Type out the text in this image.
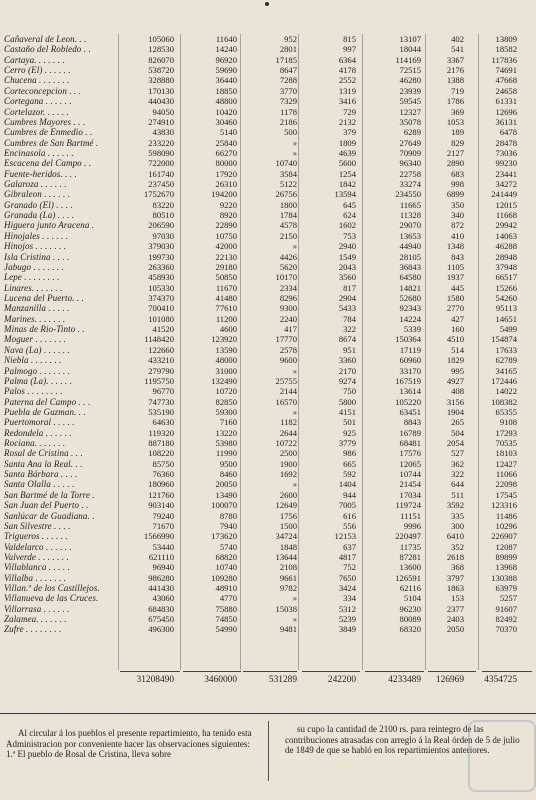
Cañaveral de Leon. . .	105060	11640	952	815	13107	402	13809
Castaño del Robledo . .	128530	14240	2801	997	18044	541	18582
Cartaya. . . . . . .	826070	96920	17185	6364	114169	3367	117836
Cerro (El) . . . . . .	538720	59690	8647	4178	72515	2176	74691
Chucena . . . . . . .	328880	36440	7288	2552	46280	1388	47668
Corteconcepcion . . .	170130	18850	3770	1319	23939	719	24658
Cortegana . . . . . .	440430	48800	7329	3416	59545	1786	61331
Cortelazor. . . . . .	94050	10420	1178	729	12327	369	12696
Cumbres Mayores . . .	274910	30460	2186	2132	35078	1053	36131
Cumbres de Enmedio . .	43830	5140	500	379	6289	189	6478
Cumbres de San Bartmé .	233220	25840	»	1809	27649	829	28478
Encinasola . . . . . .	598090	66270	»	4639	70909	2127	73036
Escacena del Campo . .	722000	80000	10740	5600	96340	2890	99230
Fuente-heridos. . . .	161740	17920	3584	1254	22758	683	23441
Galaroza . . . . . .	237450	26310	5122	1842	33274	998	34272
Gibraleon . . . . . .	1752670	194200	26756	13594	234550	6899	241449
Granado (El) . . . .	83220	9220	1800	645	11665	350	12015
Granada (La) . . . .	80510	8920	1784	624	11328	340	11668
Higuera junto Aracena .	206590	22890	4578	1602	29070	872	29942
Hinojales . . . . . .	97030	10750	2150	753	13653	410	14063
Hinojos . . . . . . .	379030	42000	»	2940	44940	1348	46288
Isla Cristina . . . .	199730	22130	4426	1549	28105	843	28948
Jabugo . . . . . . .	263360	29180	5620	2043	36843	1105	37948
Lepe . . . . . . . .	458930	50850	10170	3560	64580	1937	66517
Linares. . . . . . .	105330	11670	2334	817	14821	445	15266
Lucena del Puerto. . .	374370	41480	8296	2904	52680	1580	54260
Manzanilla . . . . .	700410	77610	9300	5433	92343	2770	95113
Marines. . . . . . .	101080	11200	2240	784	14224	427	14651
Minas de Rio-Tinto . .	41520	4600	417	322	5339	160	5499
Moguer . . . . . . .	1148420	123920	17770	8674	150364	4510	154874
Nava (La) . . . . . .	122660	13590	2578	951	17119	514	17633
Niebla . . . . . . .	433210	48000	9600	3360	60960	1829	62789
Palmogo . . . . . . .	279790	31000	»	2170	33170	995	34165
Palma (La). . . . . .	1195750	132490	25755	9274	167519	4927	172446
Palos . . . . . . . .	96770	10720	2144	750	13614	408	14022
Paterna del Campo . . .	747730	82850	16570	5800	105220	3156	108382
Puebla de Guzman. . .	535190	59300	»	4151	63451	1904	65355
Puertomoral . . . . .	64630	7160	1182	501	8843	265	9108
Redondela . . . . . .	119320	13220	2644	925	16789	504	17293
Rociana. . . . . . .	887180	53980	10722	3779	68481	2054	70535
Rosal de Cristina . . .	108220	11990	2500	986	17576	527	18103
Santa Ana la Real. . .	85750	9500	1900	665	12065	362	12427
Santa Bárbara . . . .	76360	8460	1692	592	10744	322	11066
Santa Olalla . . . . .	180960	20050	»	1404	21454	644	22098
San Bartmé de la Torre .	121760	13490	2600	944	17034	511	17545
San Juan del Puerto . .	903140	100070	12649	7005	119724	3592	123316
Sanlúcar de Guadiana. .	79240	8780	1756	616	11151	335	11486
San Silvestre . . . .	71670	7940	1500	556	9996	300	10296
Trigueros . . . . . .	1566990	173620	34724	12153	220497	6410	226907
Valdelarco . . . . . .	53440	5740	1848	637	11735	352	12087
Valverde . . . . . . .	621110	68820	13644	4817	87281	2618	89899
Villablanca . . . . .	96940	10740	2108	752	13600	368	13968
Villalba . . . . . . .	986280	109280	9661	7650	126591	3797	130388
Villan.º de los Castillejos.	441430	48910	9782	3424	62116	1863	63979
Villanueva de las Cruces.	43060	4770	»	334	5104	153	5257
Villarrasa . . . . . .	684830	75880	15038	5312	96230	2377	91607
Zalamea. . . . . . .	675450	74850	»	5239	80089	2403	82492
Zufre . . . . . . . .	496300	54990	9481	3849	68320	2050	70370
31208490	3460000	531289	242200	4233489	126969	4354725
Al circular á los pueblos el presente repartimiento, ha tenido esta Administracion por conveniente hacer las observaciones siguientes: 1.ª El pueblo de Rosal de Cristina, lleva sobre
su cupo la cantidad de 2100 rs. para reintegro de las contribuciones atrasadas con arreglo á la Real órden de 5 de julio de 1849 de que se habló en los repartimientos anteriores.
